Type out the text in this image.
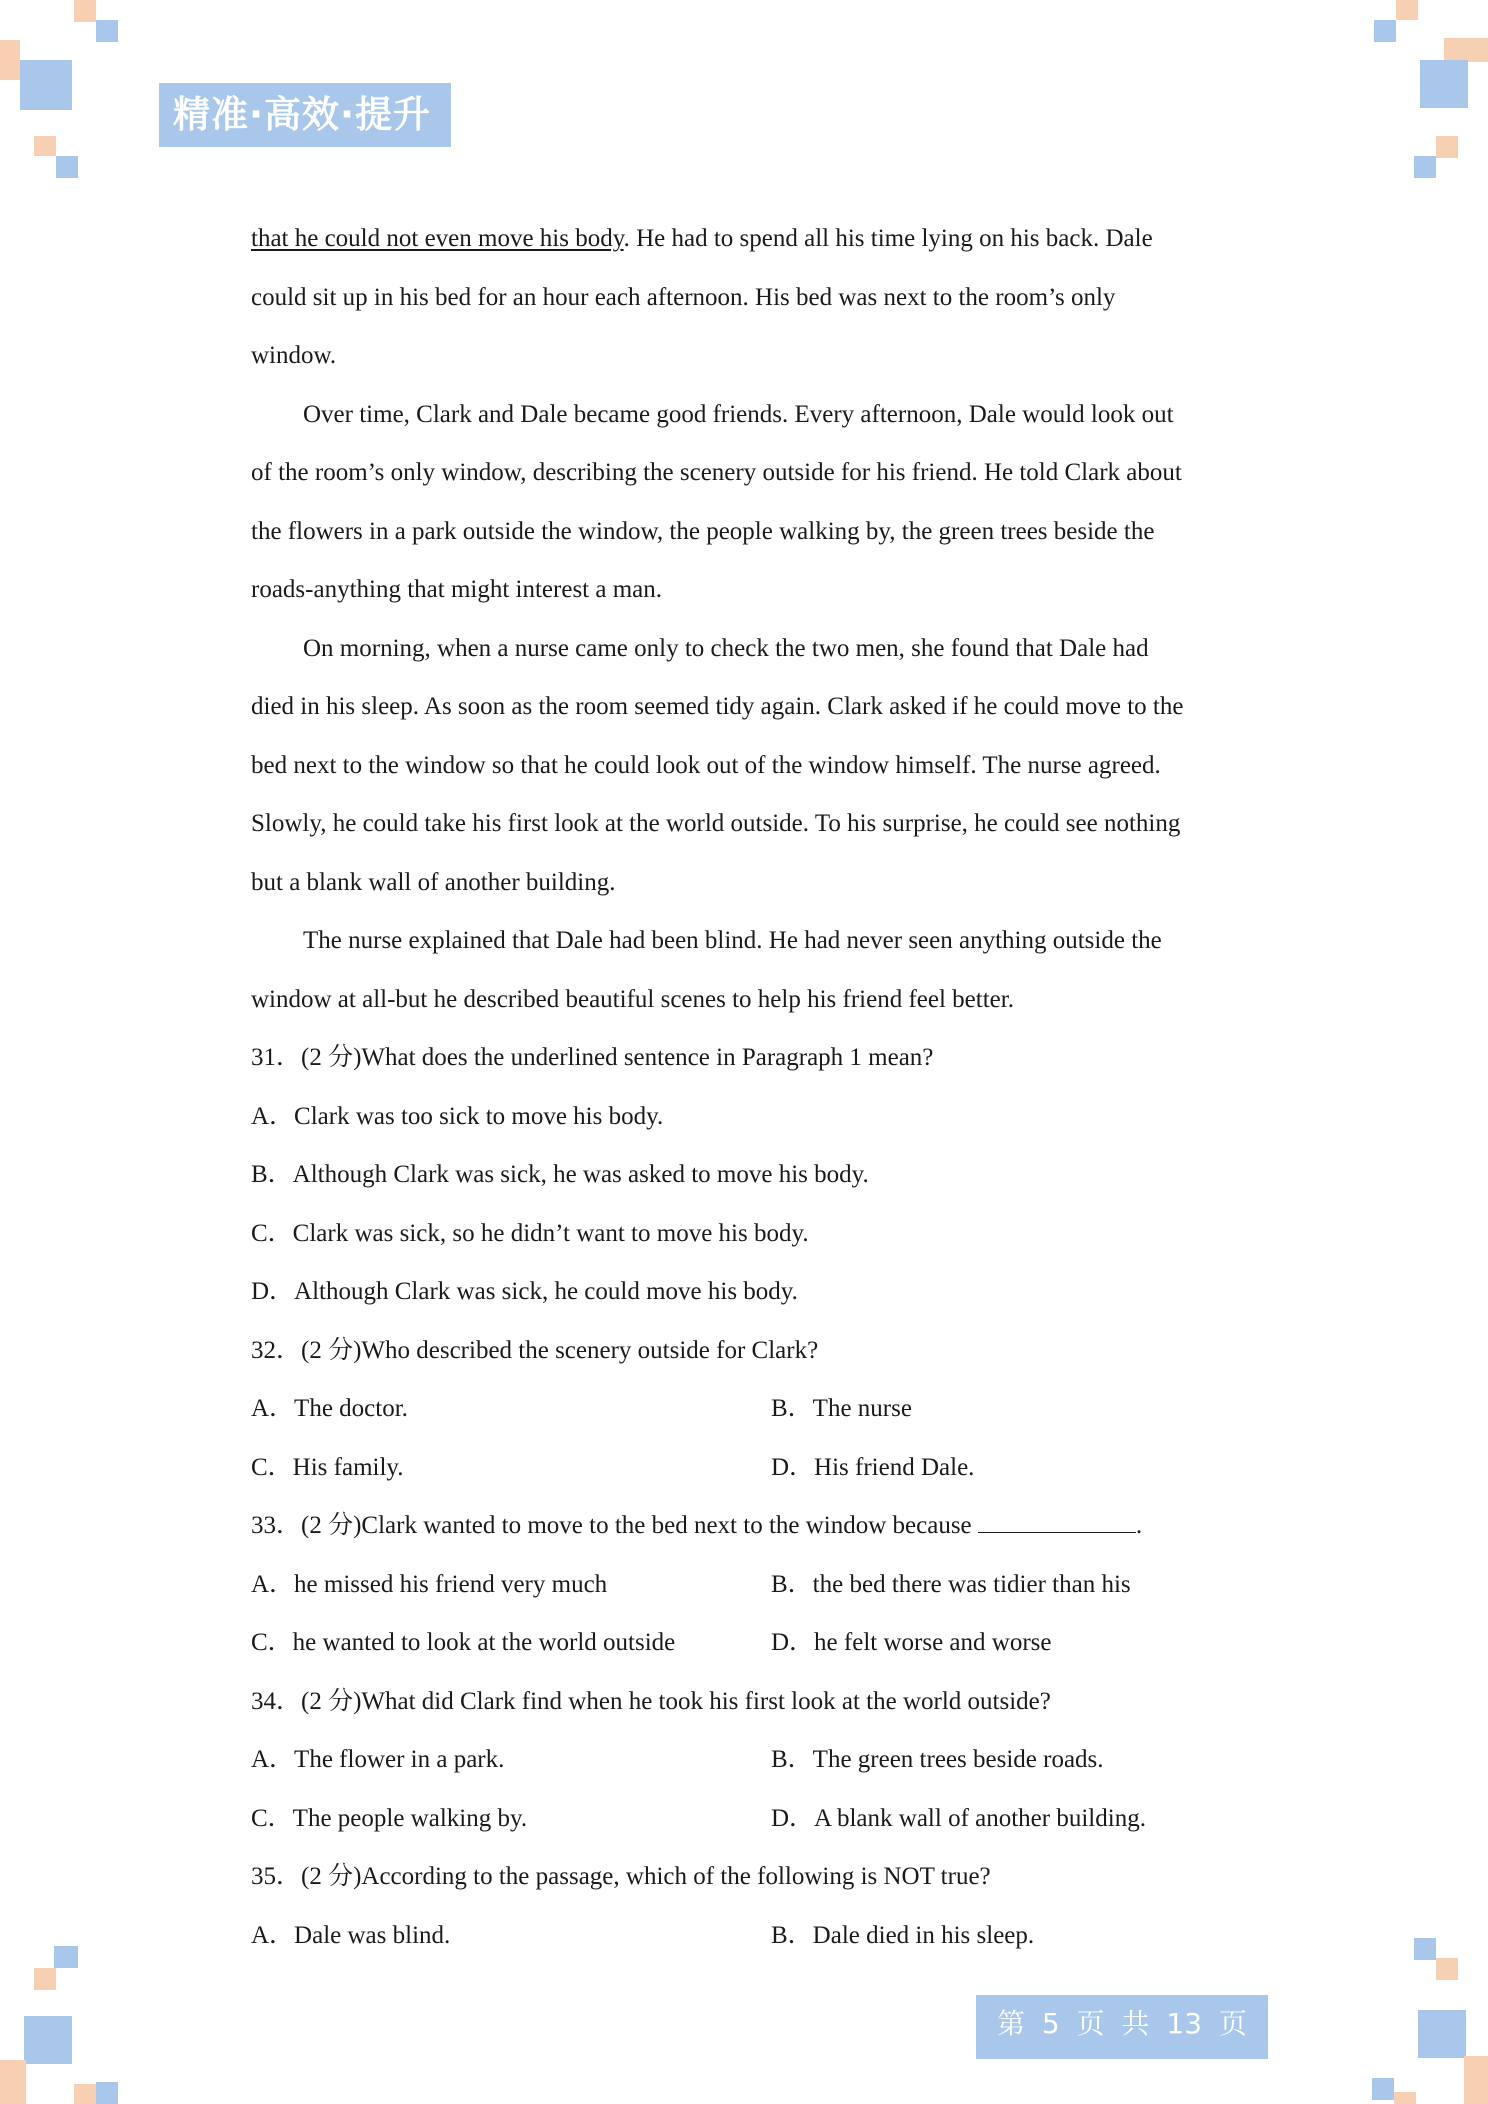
精准·高效·提升
that he could not even move his body. He had to spend all his time lying on his back. Dale
could sit up in his bed for an hour each afternoon. His bed was next to the room’s only
window.
Over time, Clark and Dale became good friends. Every afternoon, Dale would look out
of the room’s only window, describing the scenery outside for his friend. He told Clark about
the flowers in a park outside the window, the people walking by, the green trees beside the
roads-anything that might interest a man.
On morning, when a nurse came only to check the two men, she found that Dale had
died in his sleep. As soon as the room seemed tidy again. Clark asked if he could move to the
bed next to the window so that he could look out of the window himself. The nurse agreed.
Slowly, he could take his first look at the world outside. To his surprise, he could see nothing
but a blank wall of another building.
The nurse explained that Dale had been blind. He had never seen anything outside the
window at all-but he described beautiful scenes to help his friend feel better.
31．(2 分)What does the underlined sentence in Paragraph 1 mean?
A．Clark was too sick to move his body.
B．Although Clark was sick, he was asked to move his body.
C．Clark was sick, so he didn’t want to move his body.
D．Although Clark was sick, he could move his body.
32．(2 分)Who described the scenery outside for Clark?
A．The doctor.	B．The nurse
C．His family.	D．His friend Dale.
33．(2 分)Clark wanted to move to the bed next to the window because	.
A．he missed his friend very much	B．the bed there was tidier than his
C．he wanted to look at the world outside	D．he felt worse and worse
34．(2 分)What did Clark find when he took his first look at the world outside?
A．The flower in a park.	B．The green trees beside roads.
C．The people walking by.	D．A blank wall of another building.
35．(2 分)According to the passage, which of the following is NOT true?
A．Dale was blind.	B．Dale died in his sleep.
第 5 页 共 13 页
